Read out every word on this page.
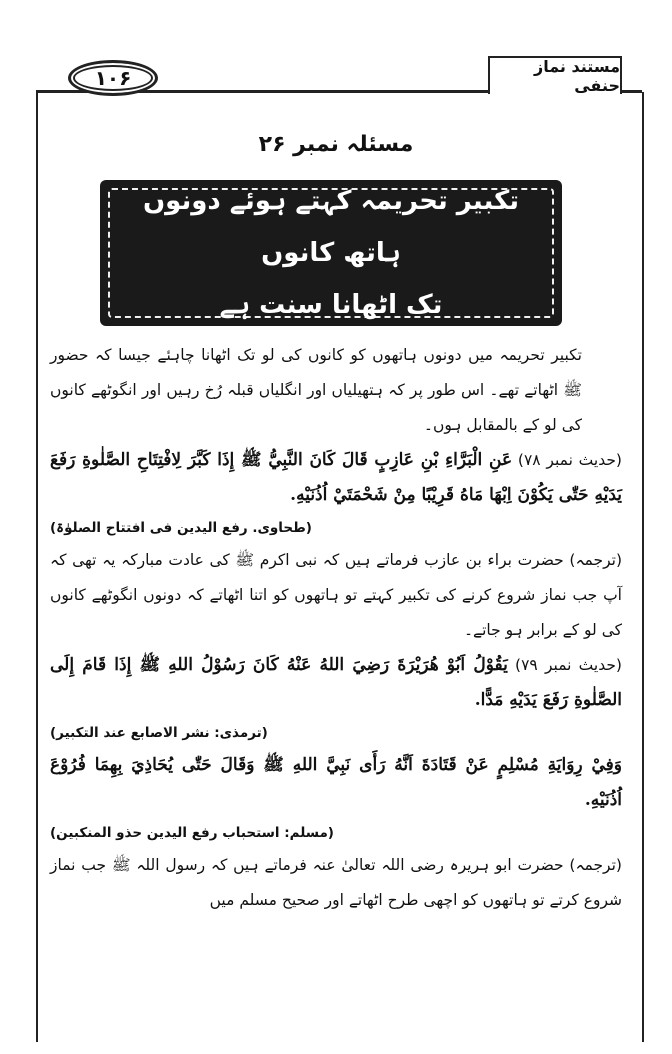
۱۰۶	مستند نماز حنفی
مسئلہ نمبر ۲۶
تکبیر تحریمہ کہتے ہوئے دونوں ہاتھ کانوں
تک اٹھانا سنت ہے

تکبیر تحریمہ میں دونوں ہاتھوں کو کانوں کی لو تک اٹھانا چاہئے جیسا کہ حضور ﷺ اٹھاتے تھے۔ اس طور پر کہ ہتھیلیاں اور انگلیاں قبلہ رُخ رہیں اور انگوٹھے کانوں کی لو کے بالمقابل ہوں۔

(حدیث نمبر ۷۸) عَنِ الْبَرَّاءِ بْنِ عَازِبٍ قَالَ كَانَ النَّبِيُّ ﷺ إِذَا كَبَّرَ لِافْتِتَاحِ الصَّلٰوةِ رَفَعَ يَدَيْهِ حَتّٰى يَكُوْنَ اِبْهَا مَاهُ قَرِيْبًا مِنْ شَحْمَتَيْ اُذُنَيْهِ.

(طحاوی. رفع الیدین فی افتتاح الصلوٰۃ)

(ترجمہ) حضرت براء بن عازب فرماتے ہیں کہ نبی اکرم ﷺ کی عادت مبارکہ یہ تھی کہ آپ جب نماز شروع کرنے کی تکبیر کہتے تو ہاتھوں کو اتنا اٹھاتے کہ دونوں انگوٹھے کانوں کی لو کے برابر ہو جاتے۔

(حدیث نمبر ۷۹) يَقُوْلُ اَبُوْ هُرَيْرَةَ رَضِيَ اللهُ عَنْهُ كَانَ رَسُوْلُ اللهِ ﷺ إِذَا قَامَ إِلَى الصَّلٰوةِ رَفَعَ يَدَيْهِ مَدًّا.

(ترمذی: نشر الاصابع عند التکبیر)

وَفِيْ رِوَايَةِ مُسْلِمٍ عَنْ قَتَادَةَ اَنَّهُ رَأَى نَبِيَّ اللهِ ﷺ وَقَالَ حَتّٰى يُحَاذِيَ بِهِمَا فُرُوْعَ اُذُنَيْهِ.

(مسلم: استحباب رفع الیدین حذو المنکبین)

(ترجمہ) حضرت ابو ہریرہ رضی اللہ تعالیٰ عنہ فرماتے ہیں کہ رسول اللہ ﷺ جب نماز شروع کرتے تو ہاتھوں کو اچھی طرح اٹھاتے اور صحیح مسلم میں
